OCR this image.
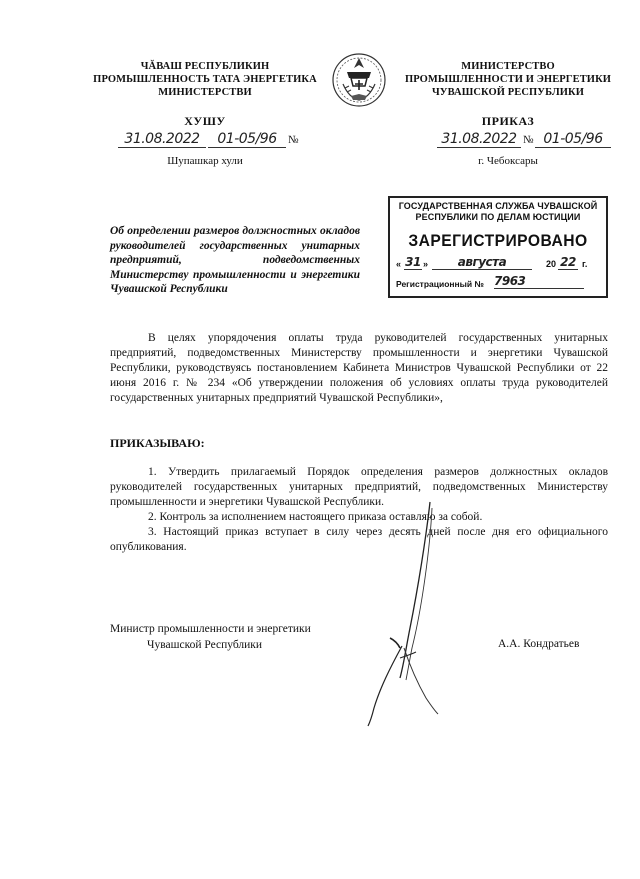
ЧĂВАШ РЕСПУБЛИКИН
ПРОМЫШЛЕННОСТЬ ТАТА ЭНЕРГЕТИКА
МИНИСТЕРСТВИ
ХУШУ
31.08.2022	01-05/96	№
Шупашкар хули
МИНИСТЕРСТВО
ПРОМЫШЛЕННОСТИ И ЭНЕРГЕТИКИ
ЧУВАШСКОЙ РЕСПУБЛИКИ
ПРИКАЗ
31.08.2022 № 01-05/96
г. Чебоксары
ГОСУДАРСТВЕННАЯ СЛУЖБА ЧУВАШСКОЙ
РЕСПУБЛИКИ ПО ДЕЛАМ ЮСТИЦИИ
ЗАРЕГИСТРИРОВАНО
« 31 »	августа	20 22 г.
Регистрационный № 7963
Об определении размеров должностных окладов руководителей государственных унитарных предприятий, подведомственных Министерству промышленности и энергетики Чувашской Республики
В целях упорядочения оплаты труда руководителей государственных унитарных предприятий, подведомственных Министерству промышленности и энергетики Чувашской Республики, руководствуясь постановлением Кабинета Министров Чувашской Республики от 22 июня 2016 г. № 234 «Об утверждении положения об условиях оплаты труда руководителей государственных унитарных предприятий Чувашской Республики»,
ПРИКАЗЫВАЮ:
1. Утвердить прилагаемый Порядок определения размеров должностных окладов руководителей государственных унитарных предприятий, подведомственных Министерству промышленности и энергетики Чувашской Республики.
2. Контроль за исполнением настоящего приказа оставляю за собой.
3. Настоящий приказ вступает в силу через десять дней после дня его официального опубликования.
Министр промышленности и энергетики
Чувашской Республики	А.А. Кондратьев
